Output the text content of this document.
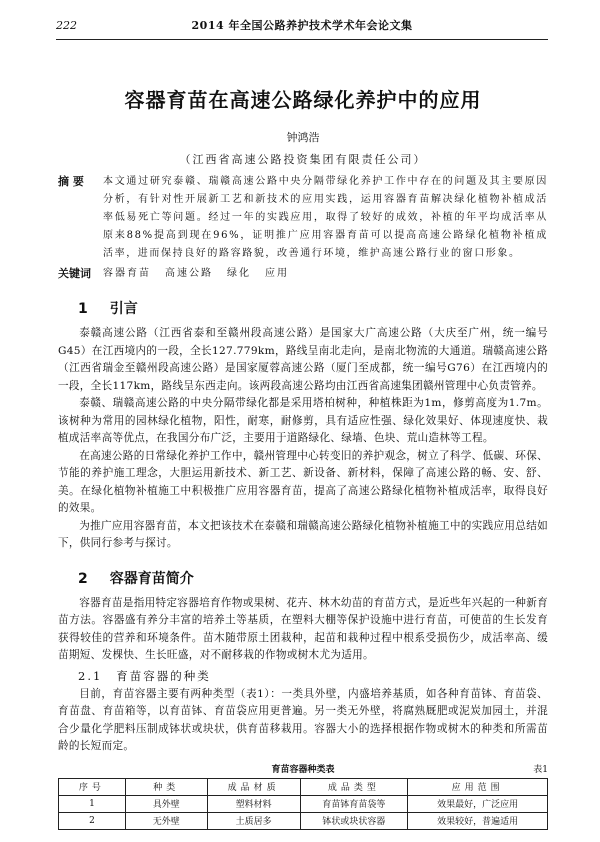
222	2014 年全国公路养护技术学术年会论文集
容器育苗在高速公路绿化养护中的应用
钟鸿浩
（江西省高速公路投资集团有限责任公司）
摘 要	本文通过研究泰赣、瑞赣高速公路中央分隔带绿化养护工作中存在的问题及其主要原因分析，有针对性开展新工艺和新技术的应用实践，运用容器育苗解决绿化植物补植成活率低易死亡等问题。经过一年的实践应用，取得了较好的成效，补植的年平均成活率从原来88%提高到现在96%，证明推广应用容器育苗可以提高高速公路绿化植物补植成活率，进而保持良好的路容路貌，改善通行环境，维护高速公路行业的窗口形象。
关键词	容器育苗 高速公路 绿化 应用
1 引言
泰赣高速公路（江西省泰和至赣州段高速公路）是国家大广高速公路（大庆至广州，统一编号G45）在江西境内的一段，全长127.779km，路线呈南北走向，是南北物流的大通道。瑞赣高速公路（江西省瑞金至赣州段高速公路）是国家厦蓉高速公路（厦门至成都，统一编号G76）在江西境内的一段，全长117km，路线呈东西走向。该两段高速公路均由江西省高速集团赣州管理中心负责管养。
泰赣、瑞赣高速公路的中央分隔带绿化都是采用塔柏树种，种植株距为1m，修剪高度为1.7m。该树种为常用的园林绿化植物，阳性，耐寒，耐修剪，具有适应性强、绿化效果好、体现速度快、栽植成活率高等优点，在我国分布广泛，主要用于道路绿化、绿墙、色块、荒山造林等工程。
在高速公路的日常绿化养护工作中，赣州管理中心转变旧的养护观念，树立了科学、低碳、环保、节能的养护施工理念，大胆运用新技术、新工艺、新设备、新材料，保障了高速公路的畅、安、舒、美。在绿化植物补植施工中积极推广应用容器育苗，提高了高速公路绿化植物补植成活率，取得良好的效果。
为推广应用容器育苗，本文把该技术在泰赣和瑞赣高速公路绿化植物补植施工中的实践应用总结如下，供同行参考与探讨。
2 容器育苗简介
容器育苗是指用特定容器培育作物或果树、花卉、林木幼苗的育苗方式，是近些年兴起的一种新育苗方法。容器盛有养分丰富的培养土等基质，在塑料大棚等保护设施中进行育苗，可使苗的生长发育获得较佳的营养和环境条件。苗木随带原土团栽种，起苗和栽种过程中根系受损伤少，成活率高、缓苗期短、发棵快、生长旺盛，对不耐移栽的作物或树木尤为适用。
2.1 育苗容器的种类
目前，育苗容器主要有两种类型（表1）：一类具外壁，内盛培养基质，如各种育苗钵、育苗袋、育苗盘、育苗箱等，以育苗钵、育苗袋应用更普遍。另一类无外壁，将腐熟厩肥或泥炭加园土，并混合少量化学肥料压制成钵状或块状，供育苗移栽用。容器大小的选择根据作物或树木的种类和所需苗龄的长短而定。
育苗容器种类表	表1
序号	种类	成品材质	成品类型	应用范围
1	具外壁	塑料材料	育苗钵育苗袋等	效果最好，广泛应用
2	无外壁	土质居多	钵状或块状容器	效果较好，普遍适用
